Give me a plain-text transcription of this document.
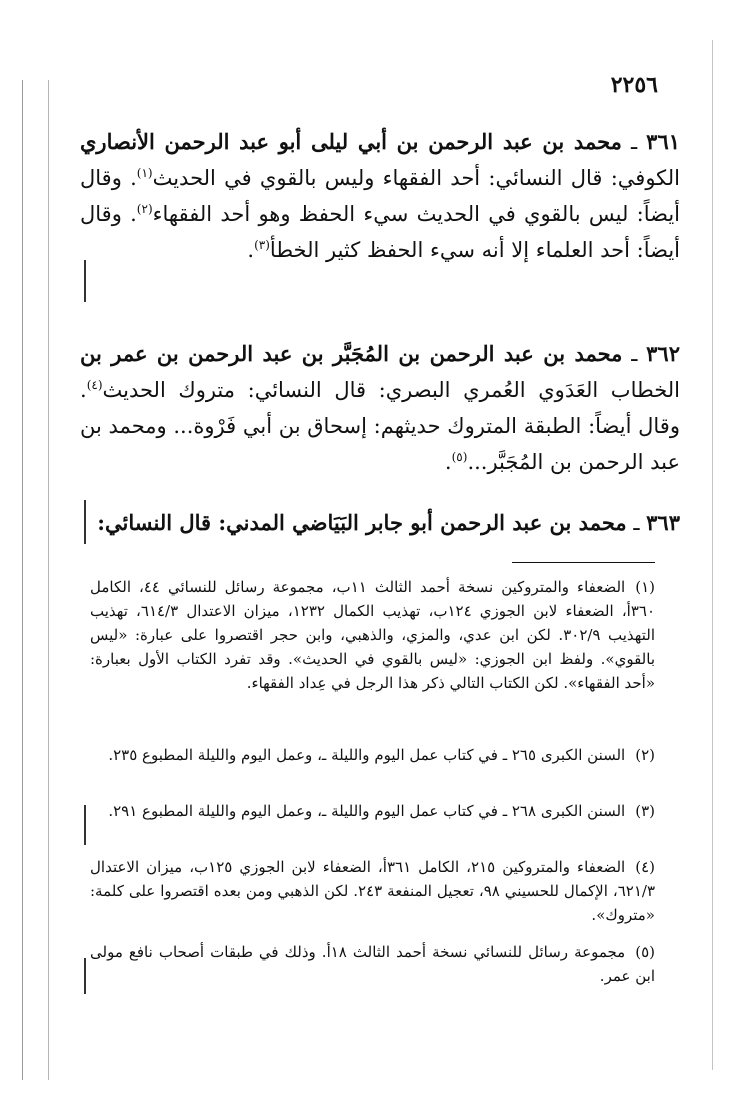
٢٢٥٦
٣٦١ ـ محمد بن عبد الرحمن بن أبي ليلى أبو عبد الرحمن الأنصاري الكوفي: قال النسائي: أحد الفقهاء وليس بالقوي في الحديث$^{(١)}$. وقال أيضاً: ليس بالقوي في الحديث سيء الحفظ وهو أحد الفقهاء$^{(٢)}$. وقال أيضاً: أحد العلماء إلا أنه سيء الحفظ كثير الخطأ$^{(٣)}$.
٣٦٢ ـ محمد بن عبد الرحمن بن المُجَبَّر بن عبد الرحمن بن عمر بن الخطاب العَدَوي العُمري البصري: قال النسائي: متروك الحديث$^{(٤)}$. وقال أيضاً: الطبقة المتروك حديثهم: إسحاق بن أبي فَرْوة... ومحمد بن عبد الرحمن بن المُجَبَّر...$^{(٥)}$.
٣٦٣ ـ محمد بن عبد الرحمن أبو جابر البَيَاضي المدني: قال النسائي:
(١)الضعفاء والمتروكين نسخة أحمد الثالث ١١ب، مجموعة رسائل للنسائي ٤٤، الكامل ٣٦٠أ، الضعفاء لابن الجوزي ١٢٤ب، تهذيب الكمال ١٢٣٢، ميزان الاعتدال ٦١٤/٣، تهذيب التهذيب ٣٠٢/٩. لكن ابن عدي، والمزي، والذهبي، وابن حجر اقتصروا على عبارة: «ليس بالقوي». ولفظ ابن الجوزي: «ليس بالقوي في الحديث». وقد تفرد الكتاب الأول بعبارة: «أحد الفقهاء». لكن الكتاب التالي ذكر هذا الرجل في عِداد الفقهاء.
(٢)السنن الكبرى ٢٦٥ ـ في كتاب عمل اليوم والليلة ـ، وعمل اليوم والليلة المطبوع ٢٣٥.
(٣)السنن الكبرى ٢٦٨ ـ في كتاب عمل اليوم والليلة ـ، وعمل اليوم والليلة المطبوع ٢٩١.
(٤)الضعفاء والمتروكين ٢١٥، الكامل ٣٦١أ، الضعفاء لابن الجوزي ١٢٥ب، ميزان الاعتدال ٦٢١/٣، الإكمال للحسيني ٩٨، تعجيل المنفعة ٢٤٣. لكن الذهبي ومن بعده اقتصروا على كلمة: «متروك».
(٥)مجموعة رسائل للنسائي نسخة أحمد الثالث ١٨أ. وذلك في طبقات أصحاب نافع مولى ابن عمر.
